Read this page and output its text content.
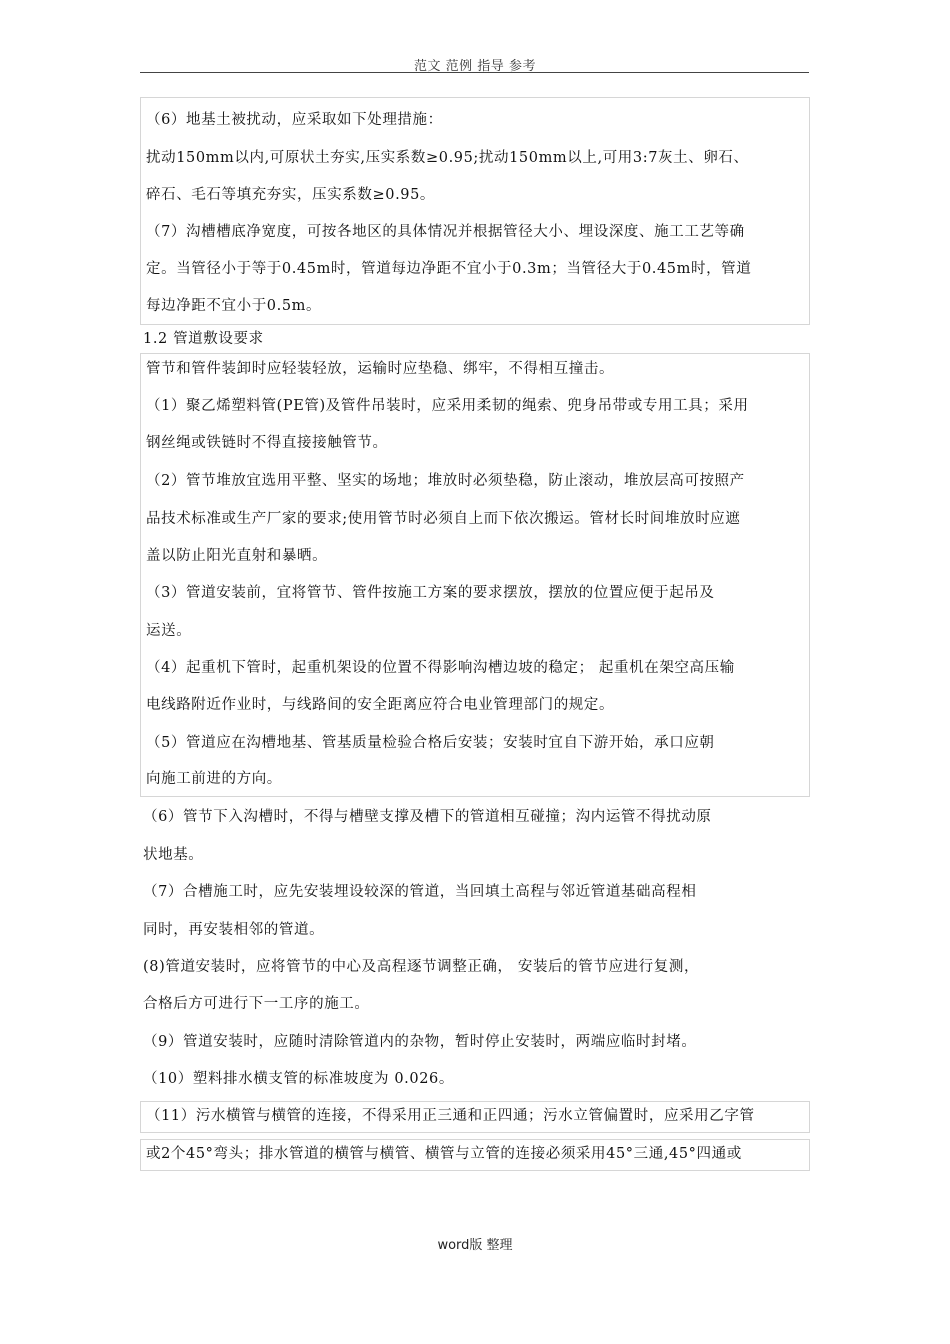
范文 范例 指导 参考
（6）地基土被扰动，应采取如下处理措施：
扰动150mm以内,可原状土夯实,压实系数≥0.95;扰动150mm以上,可用3:7灰土、卵石、
碎石、毛石等填充夯实，压实系数≥0.95。
（7）沟槽槽底净宽度，可按各地区的具体情况并根据管径大小、埋设深度、施工工艺等确
定。当管径小于等于0.45m时，管道每边净距不宜小于0.3m；当管径大于0.45m时，管道
每边净距不宜小于0.5m。
1.2 管道敷设要求
管节和管件装卸时应轻装轻放，运输时应垫稳、绑牢，不得相互撞击。
（1）聚乙烯塑料管(PE管)及管件吊装时，应采用柔韧的绳索、兜身吊带或专用工具；采用
钢丝绳或铁链时不得直接接触管节。
（2）管节堆放宜选用平整、坚实的场地；堆放时必须垫稳，防止滚动，堆放层高可按照产
品技术标准或生产厂家的要求;使用管节时必须自上而下依次搬运。管材长时间堆放时应遮
盖以防止阳光直射和暴晒。
（3）管道安装前，宜将管节、管件按施工方案的要求摆放，摆放的位置应便于起吊及
运送。
（4）起重机下管时，起重机架设的位置不得影响沟槽边坡的稳定； 起重机在架空高压输
电线路附近作业时，与线路间的安全距离应符合电业管理部门的规定。
（5）管道应在沟槽地基、管基质量检验合格后安装；安装时宜自下游开始，承口应朝
向施工前进的方向。
（6）管节下入沟槽时，不得与槽壁支撑及槽下的管道相互碰撞；沟内运管不得扰动原
状地基。
（7）合槽施工时，应先安装埋设较深的管道，当回填土高程与邻近管道基础高程相
同时，再安装相邻的管道。
(8)管道安装时，应将管节的中心及高程逐节调整正确， 安装后的管节应进行复测，
合格后方可进行下一工序的施工。
（9）管道安装时，应随时清除管道内的杂物，暂时停止安装时，两端应临时封堵。
（10）塑料排水横支管的标准坡度为 0.026。
（11）污水横管与横管的连接，不得采用正三通和正四通；污水立管偏置时，应采用乙字管
或2个45°弯头；排水管道的横管与横管、横管与立管的连接必须采用45°三通,45°四通或
word版 整理
